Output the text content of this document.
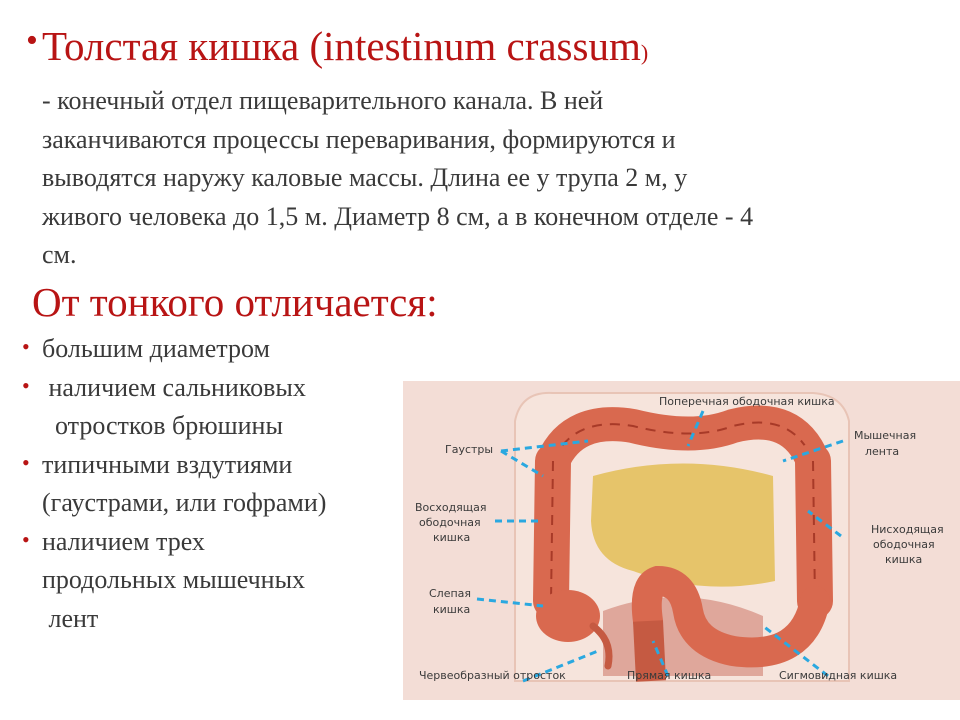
• Толстая кишка (intestinum crassum)
- конечный отдел пищеварительного канала. В ней
заканчиваются процессы переваривания, формируются и
выводятся наружу каловые массы. Длина ее у трупа 2 м, у
живого человека до 1,5 м. Диаметр 8 см, а в конечном отделе - 4
см.
От тонкого отличается:
• большим диаметром
• наличием сальниковых
отростков брюшины
• типичными вздутиями
(гаустрами, или гофрами)
• наличием трех
продольных мышечных
лент
Поперечная ободочная кишка
Гаустры
Мышечная
лента
Восходящая
ободочная
кишка
Нисходящая
ободочная
кишка
Слепая
кишка
Червеобразный отросток	Прямая кишка	Сигмовидная кишка
